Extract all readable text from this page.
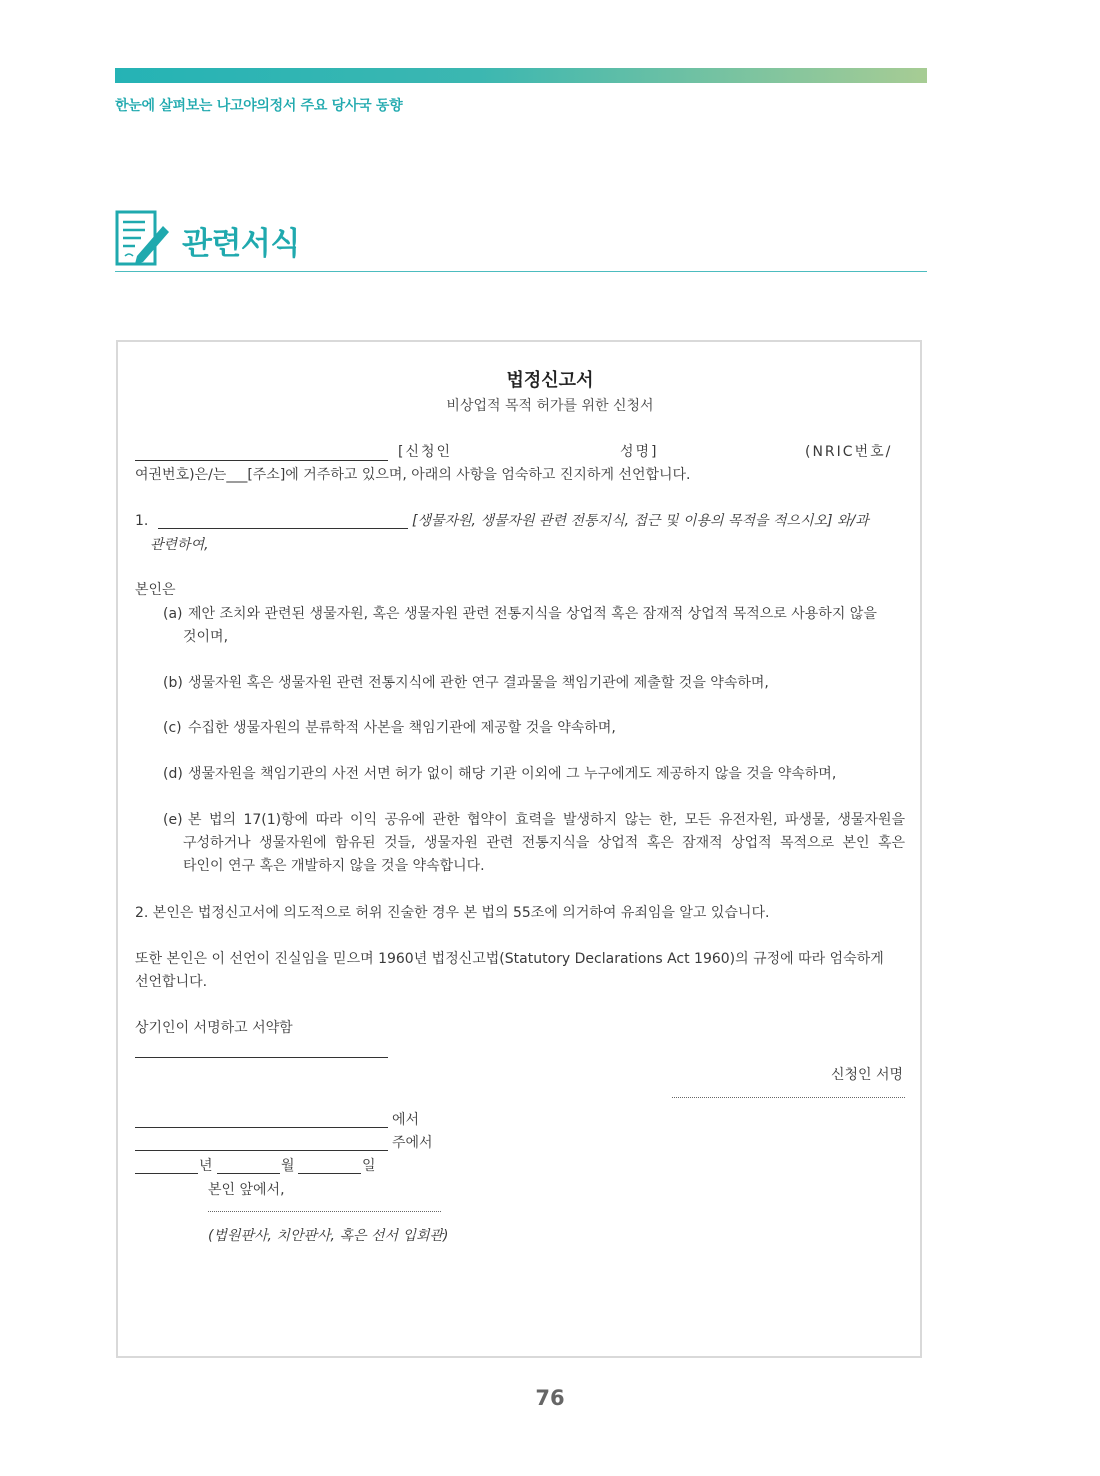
한눈에 살펴보는 나고야의정서 주요 당사국 동향
관련서식
법정신고서
비상업적 목적 허가를 위한 신청서
[신청인	성명]	(NRIC번호/
여권번호)은/는___[주소]에 거주하고 있으며, 아래의 사항을 엄숙하고 진지하게 선언합니다.
1.	[생물자원, 생물자원 관련 전통지식, 접근 및 이용의 목적을 적으시오] 와/과
관련하여,
본인은
(a) 제안 조치와 관련된 생물자원, 혹은 생물자원 관련 전통지식을 상업적 혹은 잠재적 상업적 목적으로 사용하지 않을
것이며,
(b) 생물자원 혹은 생물자원 관련 전통지식에 관한 연구 결과물을 책임기관에 제출할 것을 약속하며,
(c) 수집한 생물자원의 분류학적 사본을 책임기관에 제공할 것을 약속하며,
(d) 생물자원을 책임기관의 사전 서면 허가 없이 해당 기관 이외에 그 누구에게도 제공하지 않을 것을 약속하며,
(e) 본 법의 17(1)항에 따라 이익 공유에 관한 협약이 효력을 발생하지 않는 한, 모든 유전자원, 파생물, 생물자원을
구성하거나 생물자원에 함유된 것들, 생물자원 관련 전통지식을 상업적 혹은 잠재적 상업적 목적으로 본인 혹은
타인이 연구 혹은 개발하지 않을 것을 약속합니다.
2. 본인은 법정신고서에 의도적으로 허위 진술한 경우 본 법의 55조에 의거하여 유죄임을 알고 있습니다.
또한 본인은 이 선언이 진실임을 믿으며 1960년 법정신고법(Statutory Declarations Act 1960)의 규정에 따라 엄숙하게
선언합니다.
상기인이 서명하고 서약함
신청인 서명
에서
주에서
년	월	일
본인 앞에서,
(법원판사, 치안판사, 혹은 선서 입회관)
76
